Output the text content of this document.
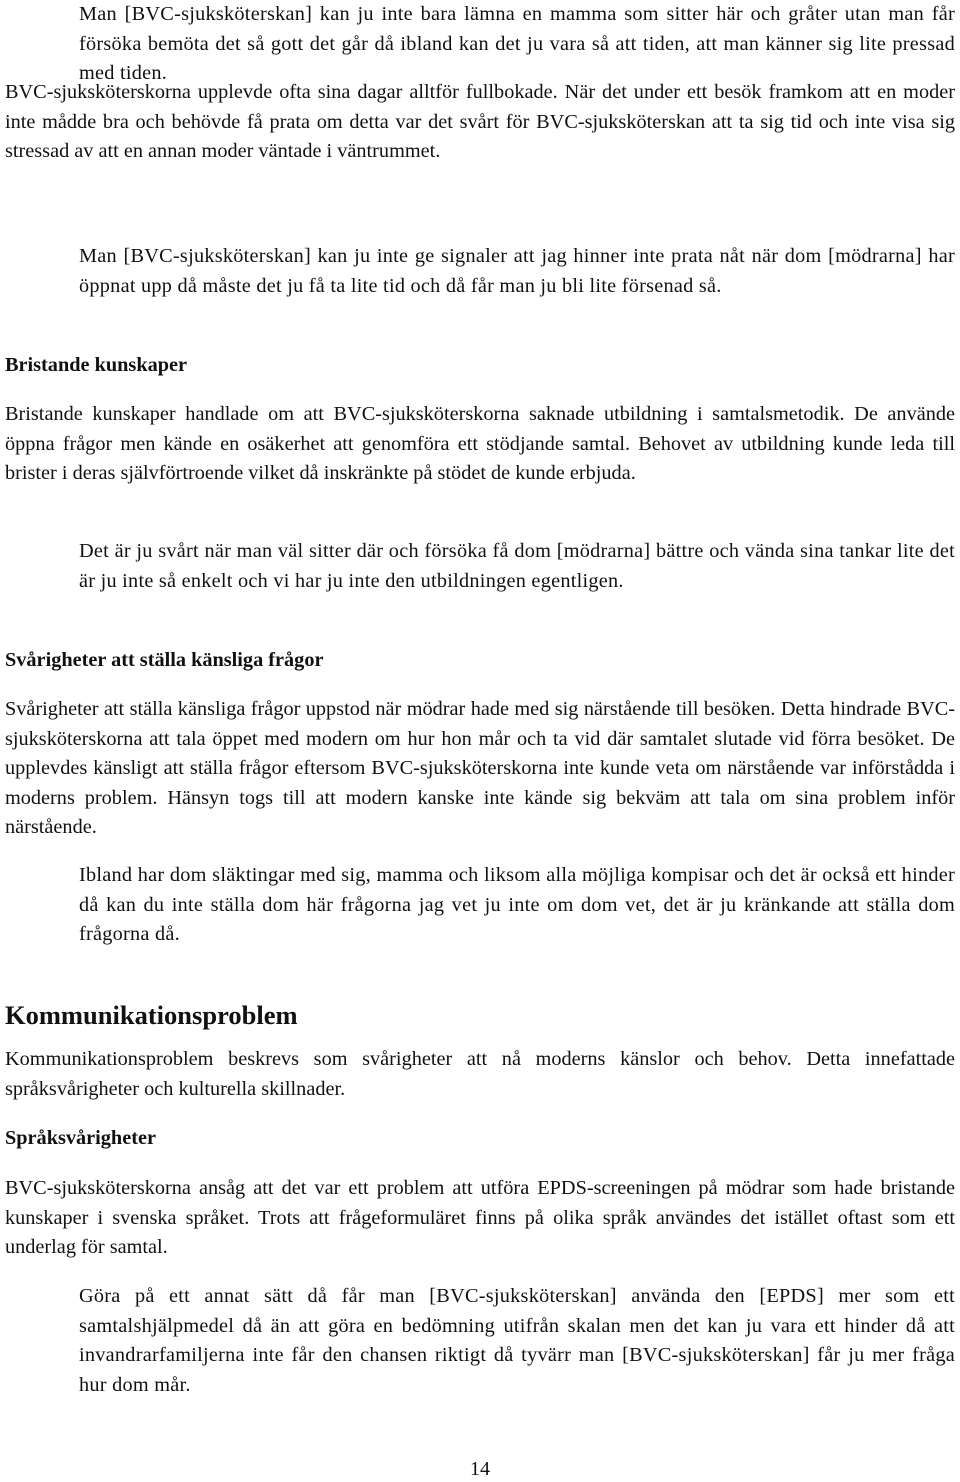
Man [BVC-sjuksköterskan] kan ju inte bara lämna en mamma som sitter här och gråter utan man får försöka bemöta det så gott det går då ibland kan det ju vara så att tiden, att man känner sig lite pressad med tiden.

BVC-sjuksköterskorna upplevde ofta sina dagar alltför fullbokade. När det under ett besök framkom att en moder inte mådde bra och behövde få prata om detta var det svårt för BVC-sjuksköterskan att ta sig tid och inte visa sig stressad av att en annan moder väntade i väntrummet.

Man [BVC-sjuksköterskan] kan ju inte ge signaler att jag hinner inte prata nåt när dom [mödrarna] har öppnat upp då måste det ju få ta lite tid och då får man ju bli lite försenad så.

Bristande kunskaper

Bristande kunskaper handlade om att BVC-sjuksköterskorna saknade utbildning i samtalsmetodik. De använde öppna frågor men kände en osäkerhet att genomföra ett stödjande samtal. Behovet av utbildning kunde leda till brister i deras självförtroende vilket då inskränkte på stödet de kunde erbjuda.

Det är ju svårt när man väl sitter där och försöka få dom [mödrarna] bättre och vända sina tankar lite det är ju inte så enkelt och vi har ju inte den utbildningen egentligen.

Svårigheter att ställa känsliga frågor

Svårigheter att ställa känsliga frågor uppstod när mödrar hade med sig närstående till besöken. Detta hindrade BVC-sjuksköterskorna att tala öppet med modern om hur hon mår och ta vid där samtalet slutade vid förra besöket. De upplevdes känsligt att ställa frågor eftersom BVC-sjuksköterskorna inte kunde veta om närstående var införstådda i moderns problem. Hänsyn togs till att modern kanske inte kände sig bekväm att tala om sina problem inför närstående.

Ibland har dom släktingar med sig, mamma och liksom alla möjliga kompisar och det är också ett hinder då kan du inte ställa dom här frågorna jag vet ju inte om dom vet, det är ju kränkande att ställa dom frågorna då.

Kommunikationsproblem

Kommunikationsproblem beskrevs som svårigheter att nå moderns känslor och behov. Detta innefattade språksvårigheter och kulturella skillnader.

Språksvårigheter

BVC-sjuksköterskorna ansåg att det var ett problem att utföra EPDS-screeningen på mödrar som hade bristande kunskaper i svenska språket. Trots att frågeformuläret finns på olika språk användes det istället oftast som ett underlag för samtal.

Göra på ett annat sätt då får man [BVC-sjuksköterskan] använda den [EPDS] mer som ett samtalshjälpmedel då än att göra en bedömning utifrån skalan men det kan ju vara ett hinder då att invandrarfamiljerna inte får den chansen riktigt då tyvärr man [BVC-sjuksköterskan] får ju mer fråga hur dom mår.

14
